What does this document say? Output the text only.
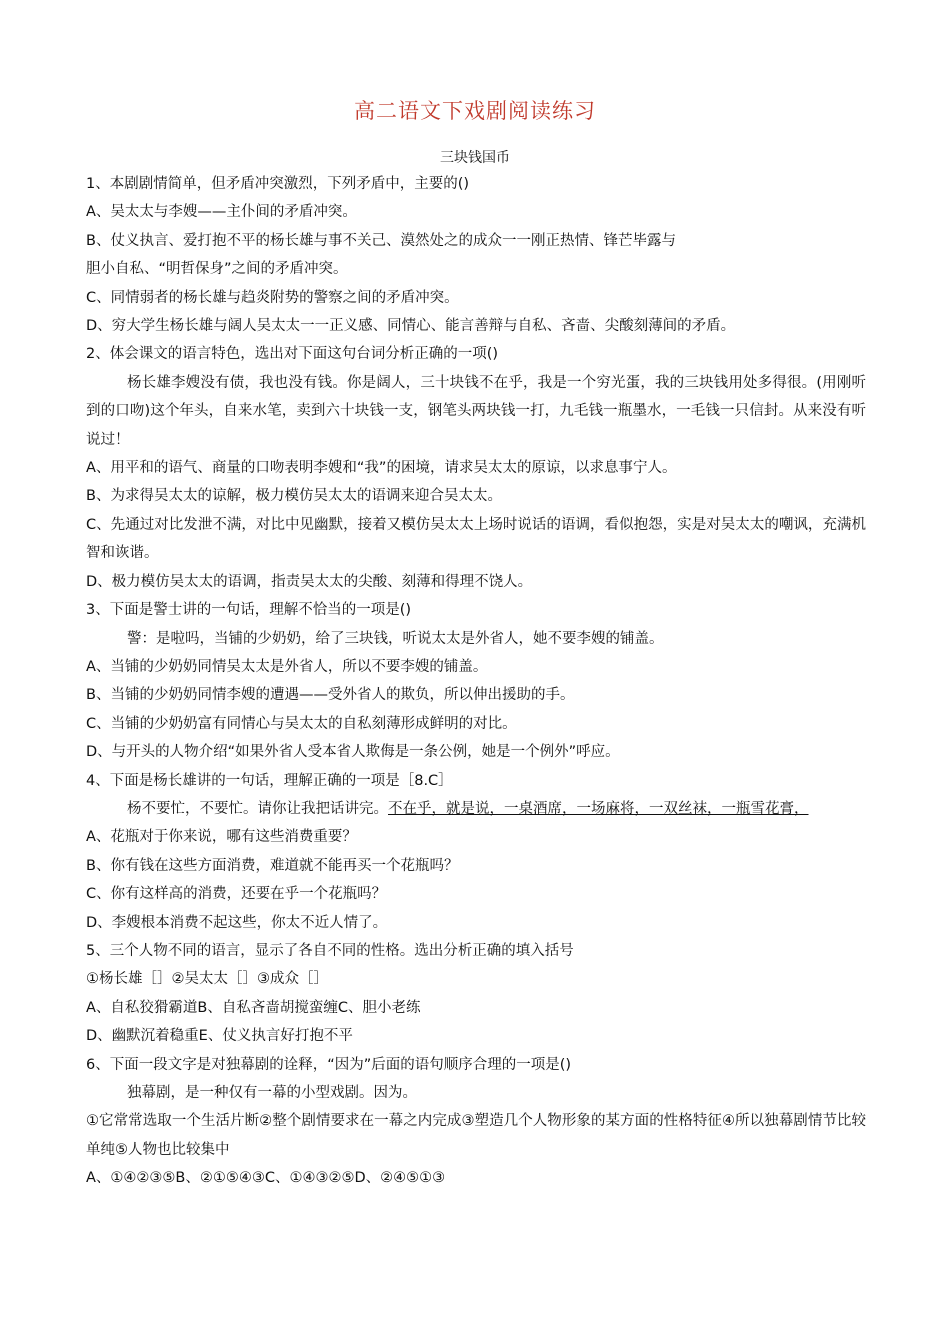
高二语文下戏剧阅读练习
三块钱国币

1、本剧剧情简单，但矛盾冲突激烈，下列矛盾中，主要的()

A、吴太太与李嫂——主仆间的矛盾冲突。

B、仗义执言、爱打抱不平的杨长雄与事不关己、漠然处之的成众一一刚正热情、锋芒毕露与

胆小自私、“明哲保身”之间的矛盾冲突。

C、同情弱者的杨长雄与趋炎附势的警察之间的矛盾冲突。

D、穷大学生杨长雄与阔人吴太太一一正义感、同情心、能言善辩与自私、吝啬、尖酸刻薄间的矛盾。

2、体会课文的语言特色，选出对下面这句台词分析正确的一项()

杨长雄李嫂没有债，我也没有钱。你是阔人，三十块钱不在乎，我是一个穷光蛋，我的三块钱用处多得很。(用刚听到的口吻)这个年头，自来水笔，卖到六十块钱一支，钢笔头两块钱一打，九毛钱一瓶墨水，一毛钱一只信封。从来没有听说过！

A、用平和的语气、商量的口吻表明李嫂和“我”的困境，请求吴太太的原谅，以求息事宁人。

B、为求得吴太太的谅解，极力模仿吴太太的语调来迎合吴太太。

C、先通过对比发泄不满，对比中见幽默，接着又模仿吴太太上场时说话的语调，看似抱怨，实是对吴太太的嘲讽，充满机智和诙谐。

D、极力模仿吴太太的语调，指责吴太太的尖酸、刻薄和得理不饶人。

3、下面是警士讲的一句话，理解不恰当的一项是()

警：是啦吗，当铺的少奶奶，给了三块钱，听说太太是外省人，她不要李嫂的铺盖。

A、当铺的少奶奶同情吴太太是外省人，所以不要李嫂的铺盖。

B、当铺的少奶奶同情李嫂的遭遇——受外省人的欺负，所以伸出援助的手。

C、当铺的少奶奶富有同情心与吴太太的自私刻薄形成鲜明的对比。

D、与开头的人物介绍“如果外省人受本省人欺侮是一条公例，她是一个例外”呼应。

4、下面是杨长雄讲的一句话，理解正确的一项是［8.C］

杨不要忙，不要忙。请你让我把话讲完。不在乎，就是说，一桌酒席，一场麻将，一双丝袜，一瓶雪花膏，

A、花瓶对于你来说，哪有这些消费重要？

B、你有钱在这些方面消费，难道就不能再买一个花瓶吗？

C、你有这样高的消费，还要在乎一个花瓶吗？

D、李嫂根本消费不起这些，你太不近人情了。

5、三个人物不同的语言，显示了各自不同的性格。选出分析正确的填入括号

①杨长雄［］②吴太太［］③成众［］

A、自私狡猾霸道B、自私吝啬胡搅蛮缠C、胆小老练

D、幽默沉着稳重E、仗义执言好打抱不平

6、下面一段文字是对独幕剧的诠释，“因为”后面的语句顺序合理的一项是()

独幕剧，是一种仅有一幕的小型戏剧。因为。

①它常常选取一个生活片断②整个剧情要求在一幕之内完成③塑造几个人物形象的某方面的性格特征④所以独幕剧情节比较单纯⑤人物也比较集中

A、①④②③⑤B、②①⑤④③C、①④③②⑤D、②④⑤①③
